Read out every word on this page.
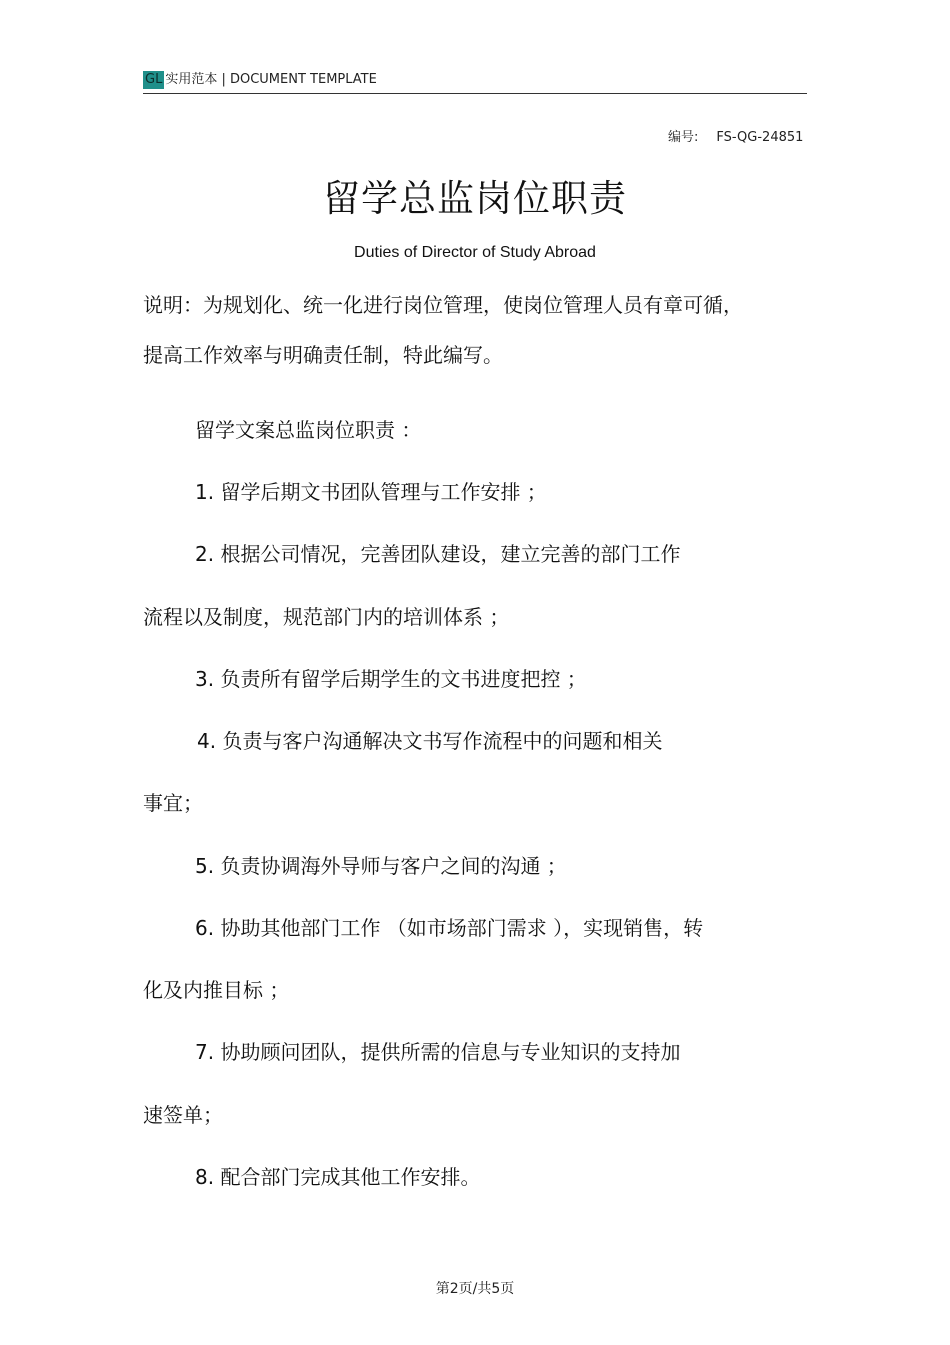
GL 实用范本 | DOCUMENT TEMPLATE
编号: FS-QG-24851
留学总监岗位职责
Duties of Director of Study Abroad
说明：为规划化、统一化进行岗位管理，使岗位管理人员有章可循，
提高工作效率与明确责任制，特此编写。
留学文案总监岗位职责 ：
1. 留学后期文书团队管理与工作安排 ；
2. 根据公司情况，完善团队建设，建立完善的部门工作
流程以及制度，规范部门内的培训体系 ；
3. 负责所有留学后期学生的文书进度把控 ；
4. 负责与客户沟通解决文书写作流程中的问题和相关
事宜；
5. 负责协调海外导师与客户之间的沟通 ；
6. 协助其他部门工作 （如市场部门需求 ），实现销售，转
化及内推目标 ；
7. 协助顾问团队，提供所需的信息与专业知识的支持加
速签单；
8. 配合部门完成其他工作安排。
第2页/共5页
